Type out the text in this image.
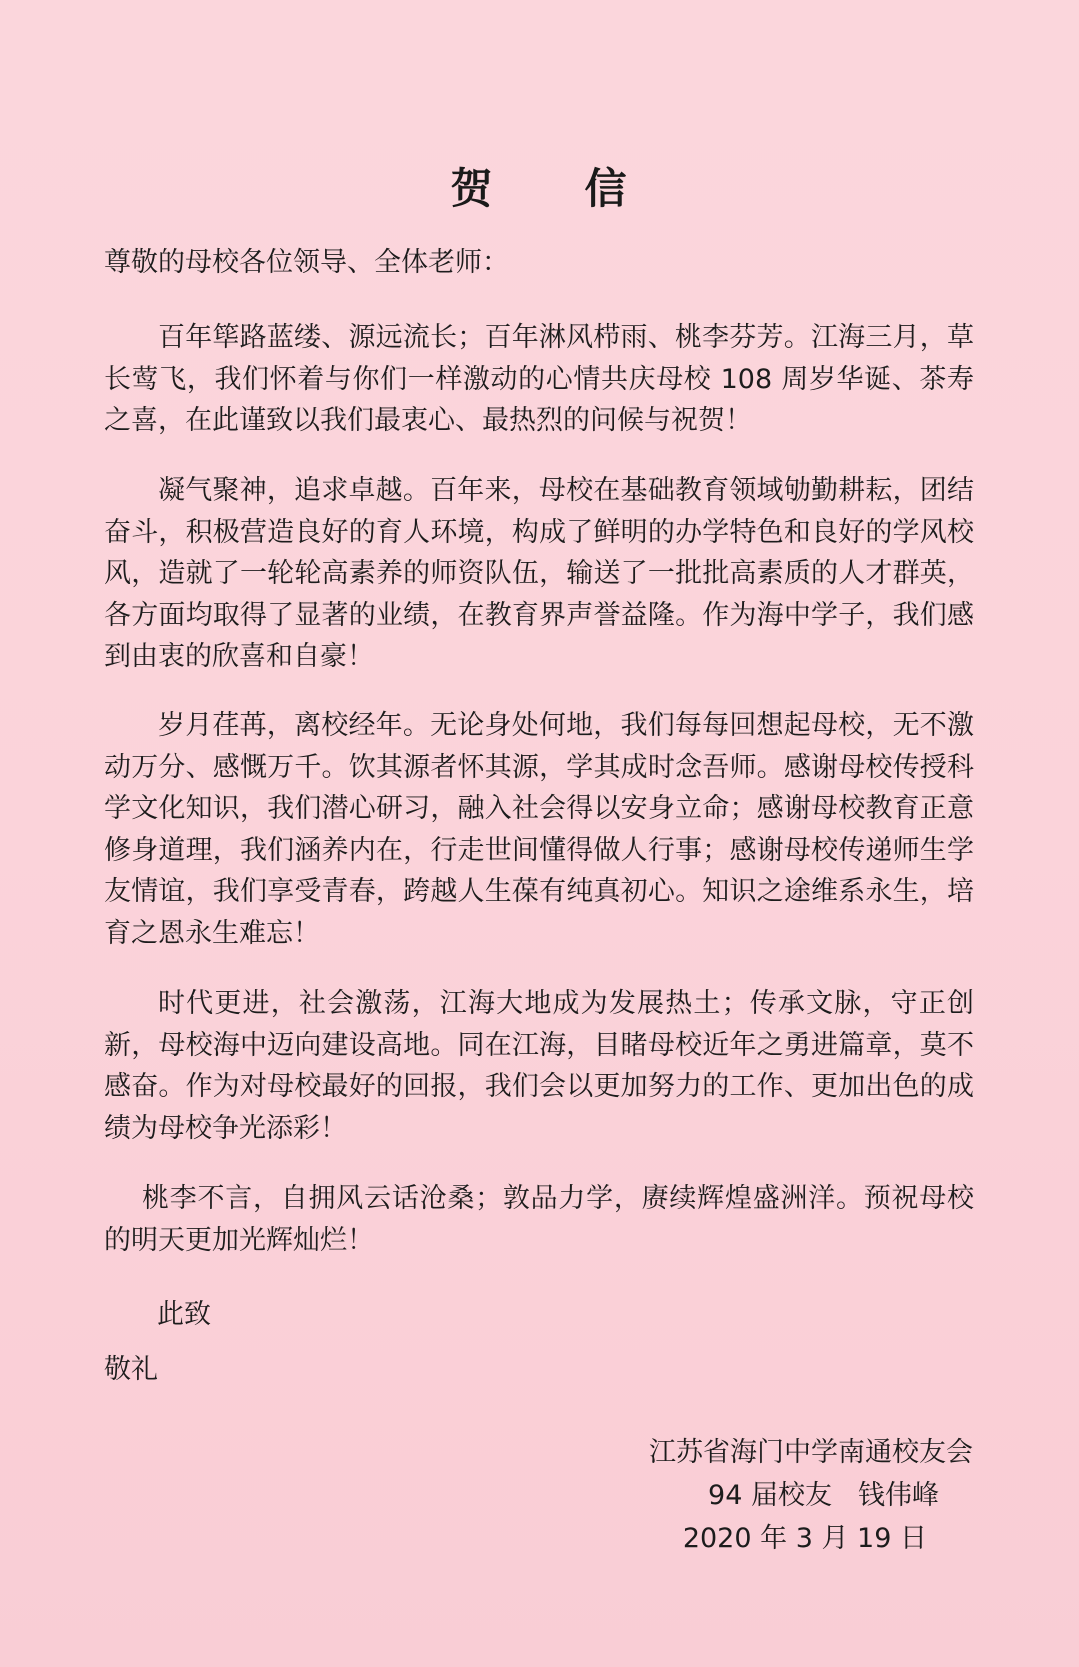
贺 信
尊敬的母校各位领导、全体老师：
百年筚路蓝缕、源远流长；百年淋风栉雨、桃李芬芳。江海三月，草长莺飞，我们怀着与你们一样激动的心情共庆母校 108 周岁华诞、茶寿之喜，在此谨致以我们最衷心、最热烈的问候与祝贺！
凝气聚神，追求卓越。百年来，母校在基础教育领域劬勤耕耘，团结奋斗，积极营造良好的育人环境，构成了鲜明的办学特色和良好的学风校风，造就了一轮轮高素养的师资队伍，输送了一批批高素质的人才群英，各方面均取得了显著的业绩，在教育界声誉益隆。作为海中学子，我们感到由衷的欣喜和自豪！
岁月荏苒，离校经年。无论身处何地，我们每每回想起母校，无不激动万分、感慨万千。饮其源者怀其源，学其成时念吾师。感谢母校传授科学文化知识，我们潜心研习，融入社会得以安身立命；感谢母校教育正意修身道理，我们涵养内在，行走世间懂得做人行事；感谢母校传递师生学友情谊，我们享受青春，跨越人生葆有纯真初心。知识之途维系永生，培育之恩永生难忘！
时代更进，社会激荡，江海大地成为发展热土；传承文脉，守正创新，母校海中迈向建设高地。同在江海，目睹母校近年之勇进篇章，莫不感奋。作为对母校最好的回报，我们会以更加努力的工作、更加出色的成绩为母校争光添彩！
桃李不言，自拥风云话沧桑；敦品力学，赓续辉煌盛洲洋。预祝母校的明天更加光辉灿烂！
此致
敬礼
江苏省海门中学南通校友会
94 届校友 钱伟峰
2020 年 3 月 19 日
